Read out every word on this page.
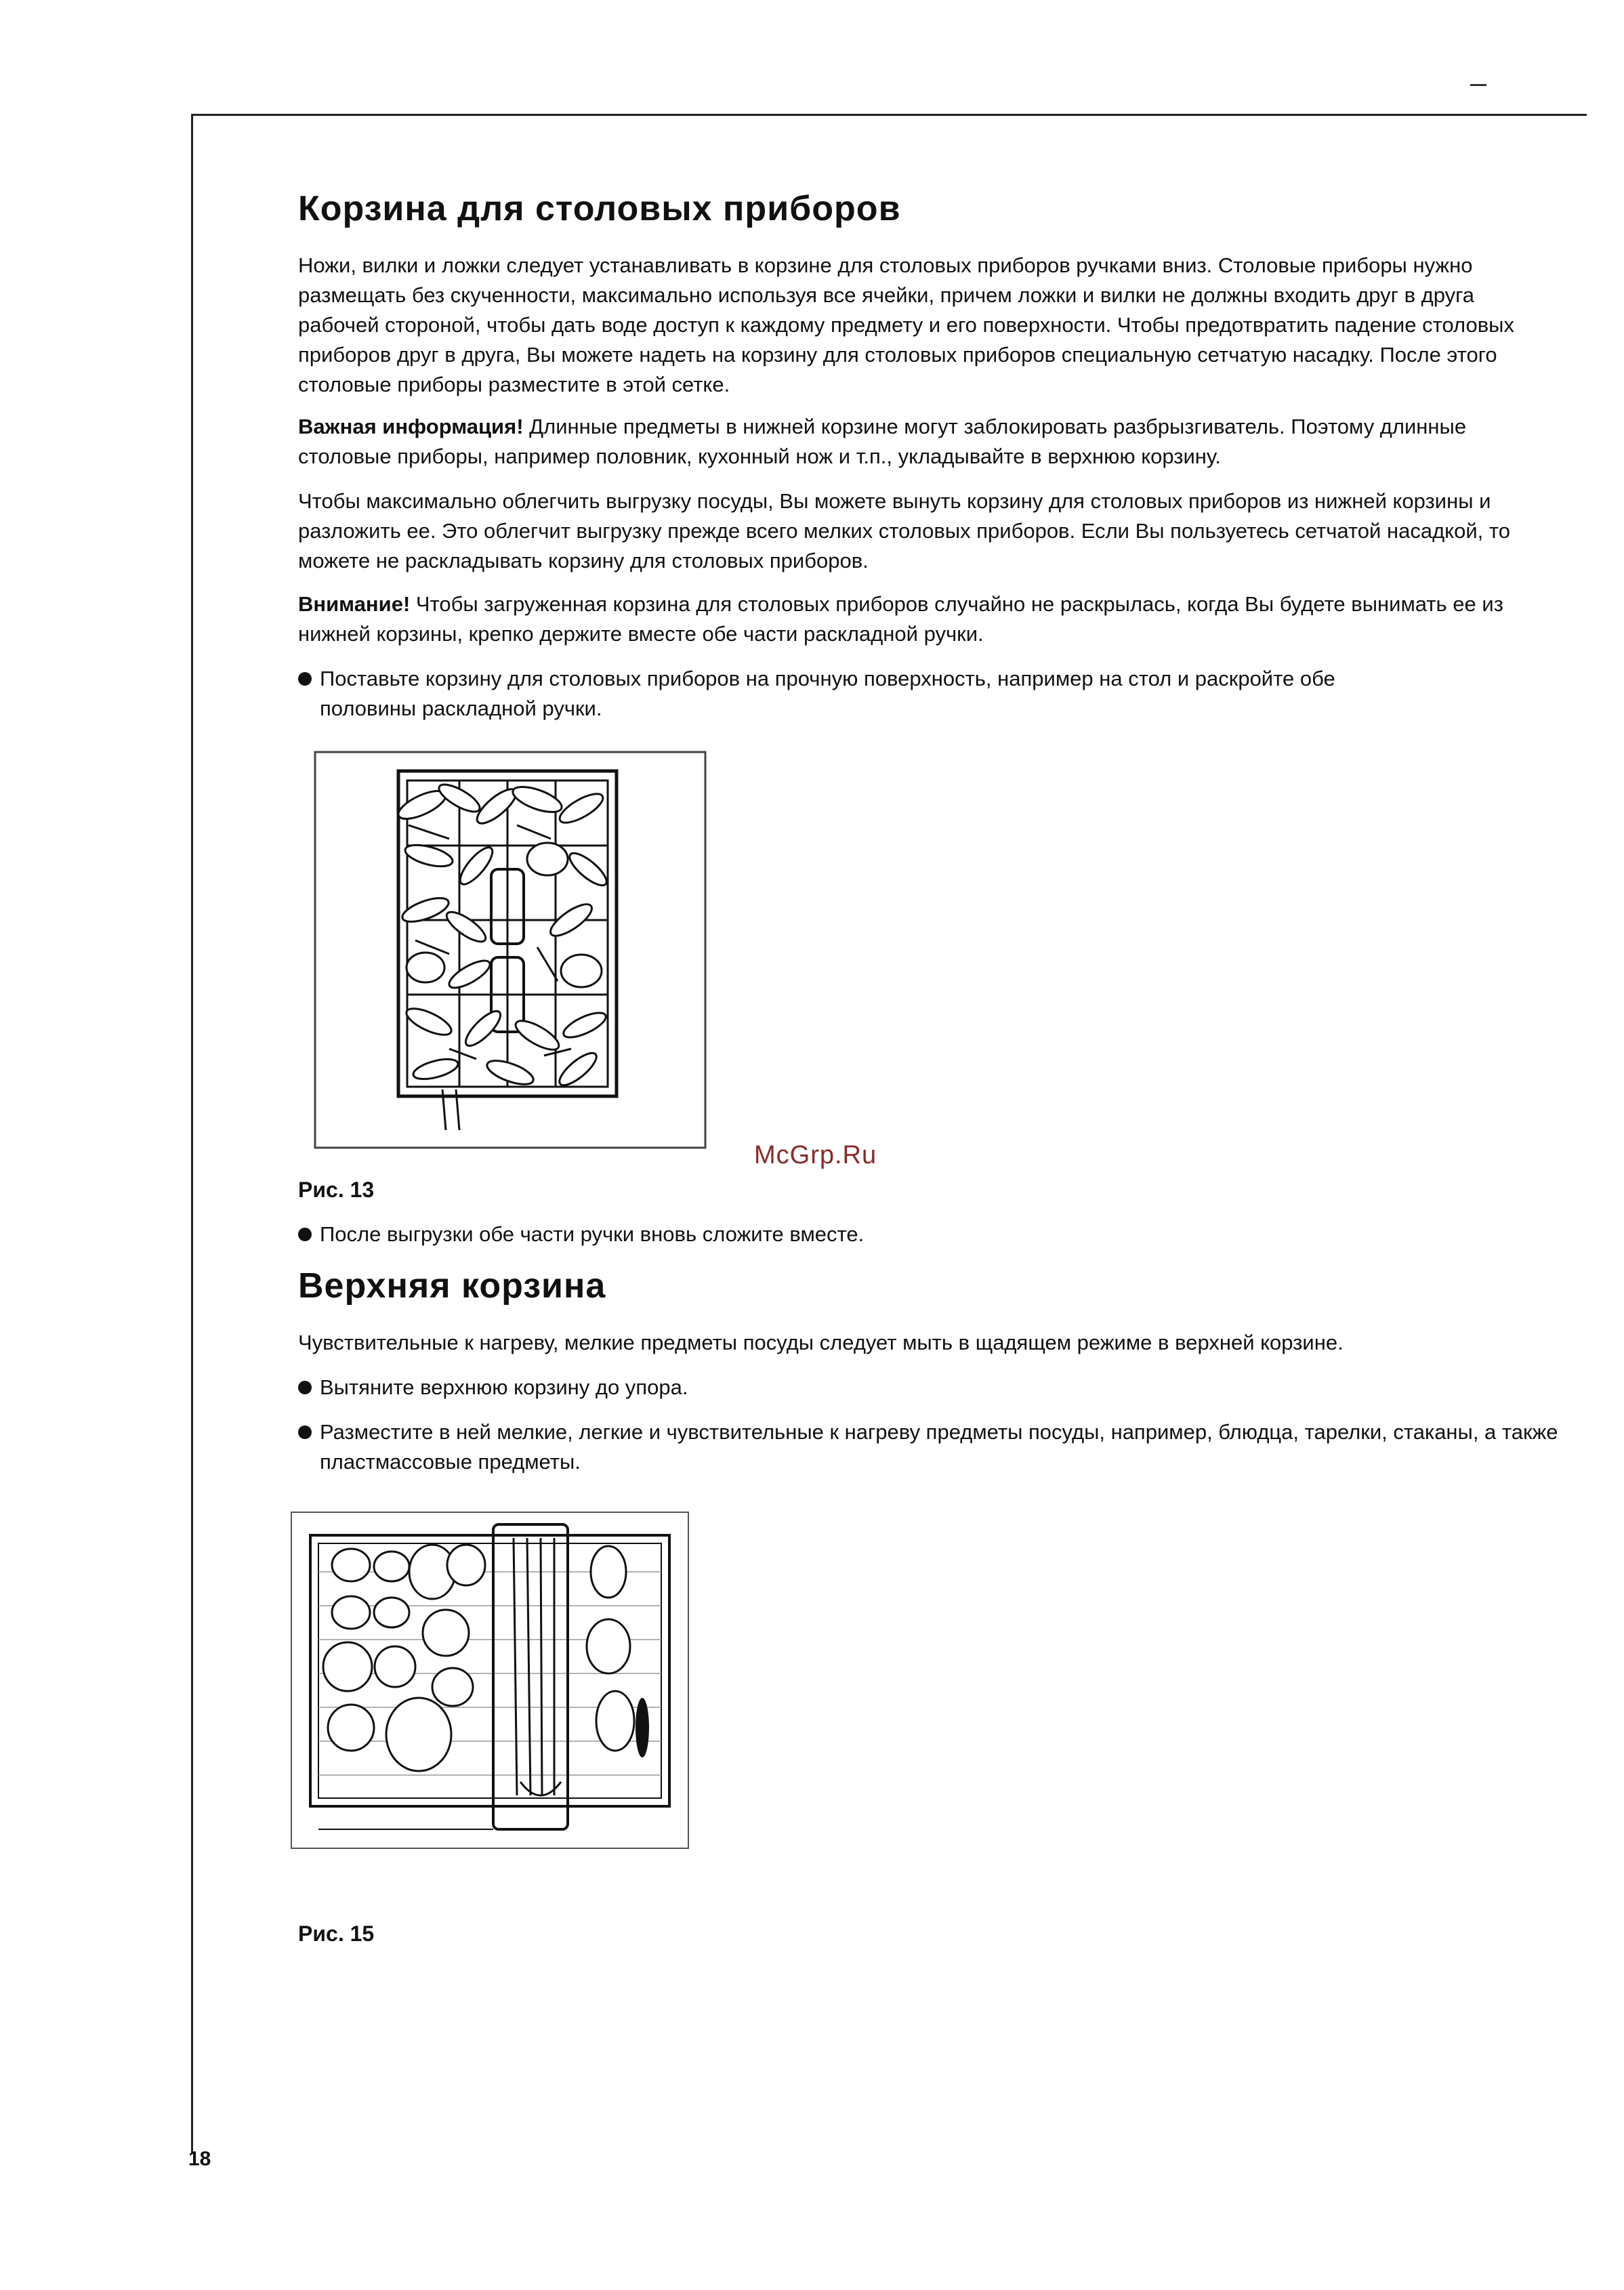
Корзина для столовых приборов

Ножи, вилки и ложки следует устанавливать в корзине для столовых приборов ручками вниз. Столовые приборы нужно размещать без скученности, максимально используя все ячейки, причем ложки и вилки не должны входить друг в друга рабочей стороной, чтобы дать воде доступ к каждому предмету и его поверхности. Чтобы предотвратить падение столовых приборов друг в друга, Вы можете надеть на корзину для столовых приборов специальную сетчатую насадку. После этого столовые приборы разместите в этой сетке.

Важная информация! Длинные предметы в нижней корзине могут заблокировать разбрызгиватель. Поэтому длинные столовые приборы, например половник, кухонный нож и т.п., укладывайте в верхнюю корзину.

Чтобы максимально облегчить выгрузку посуды, Вы можете вынуть корзину для столовых приборов из нижней корзины и разложить ее. Это облегчит выгрузку прежде всего мелких столовых приборов. Если Вы пользуетесь сетчатой насадкой, то можете не раскладывать корзину для столовых приборов.

Внимание! Чтобы загруженная корзина для столовых приборов случайно не раскрылась, когда Вы будете вынимать ее из нижней корзины, крепко держите вместе обе части раскладной ручки.

Поставьте корзину для столовых приборов на прочную поверхность, например на стол и раскройте обе половины раскладной ручки.

McGrp.Ru

Рис. 13

После выгрузки обе части ручки вновь сложите вместе.
Верхняя корзина

Чувствительные к нагреву, мелкие предметы посуды следует мыть в щадящем режиме в верхней корзине.

Вытяните верхнюю корзину до упора.
Разместите в ней мелкие, легкие и чувствительные к нагреву предметы посуды, например, блюдца, тарелки, стаканы, а также пластмассовые предметы.

Рис. 15

18
